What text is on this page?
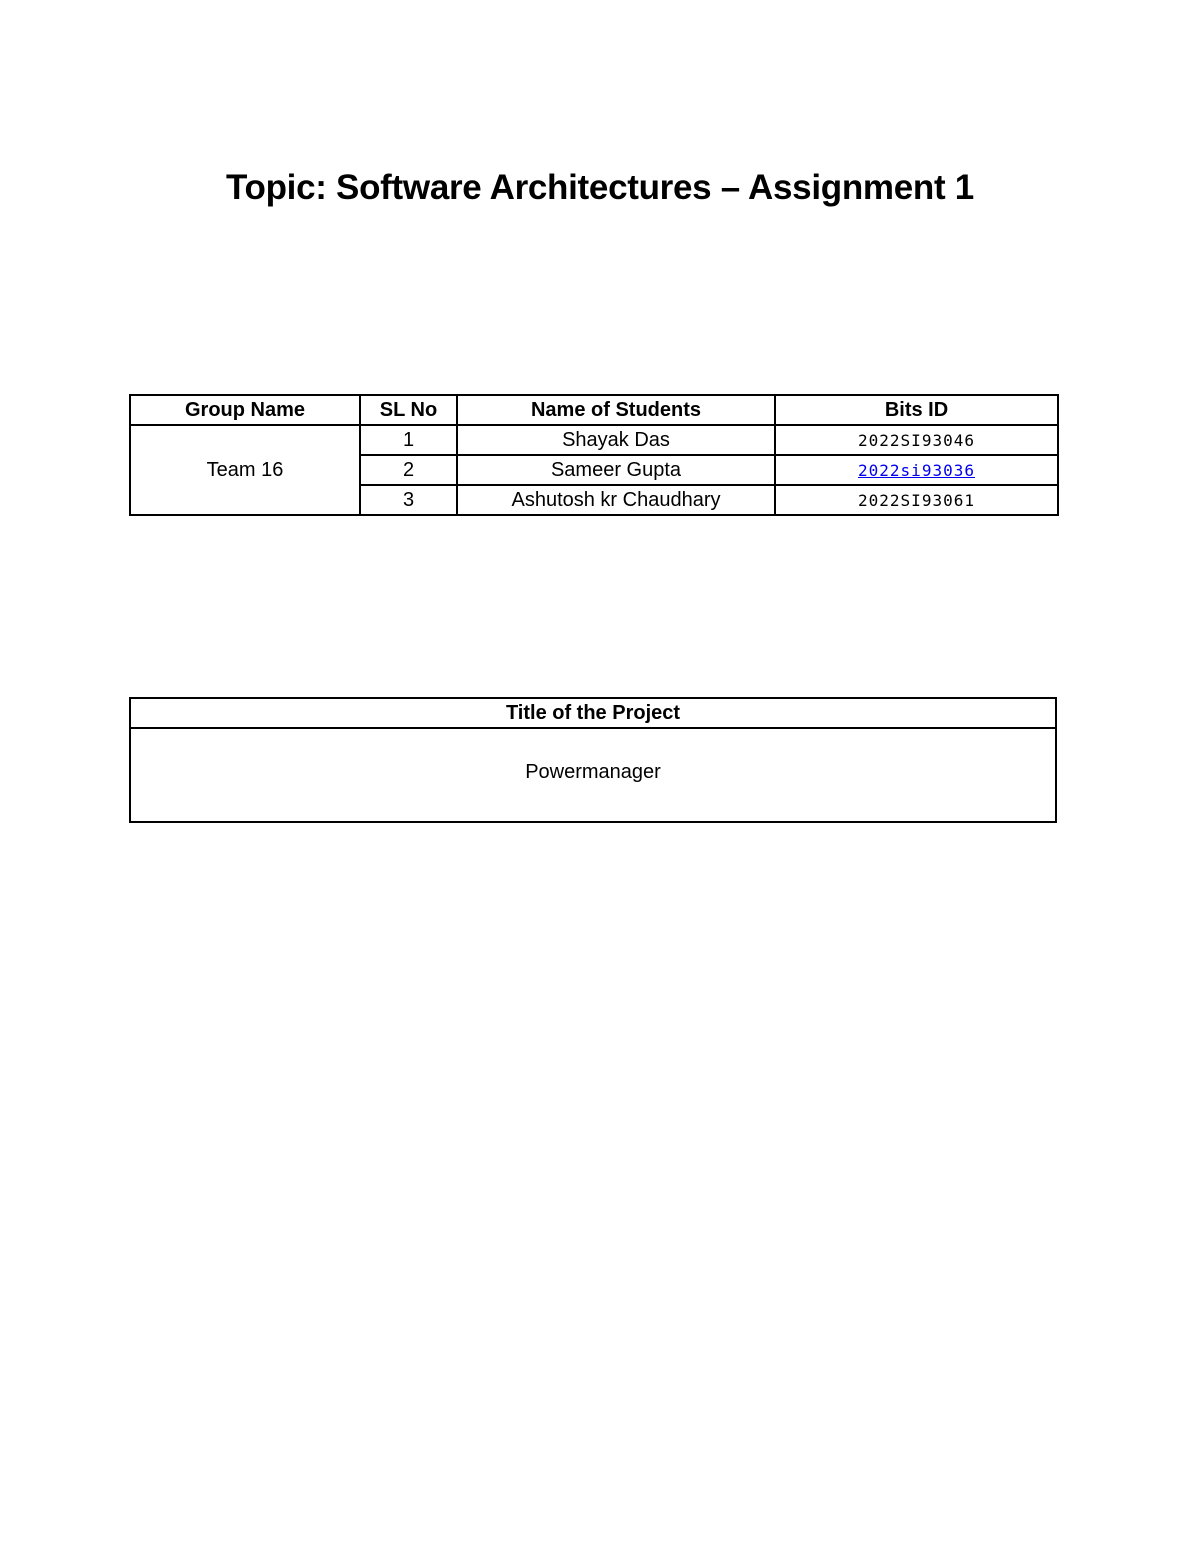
Topic: Software Architectures – Assignment 1
Group Name	SL No	Name of Students	Bits ID
Team 16	1	Shayak Das	2022SI93046
	2	Sameer Gupta	2022si93036
	3	Ashutosh kr Chaudhary	2022SI93061
Title of the Project
Powermanager
